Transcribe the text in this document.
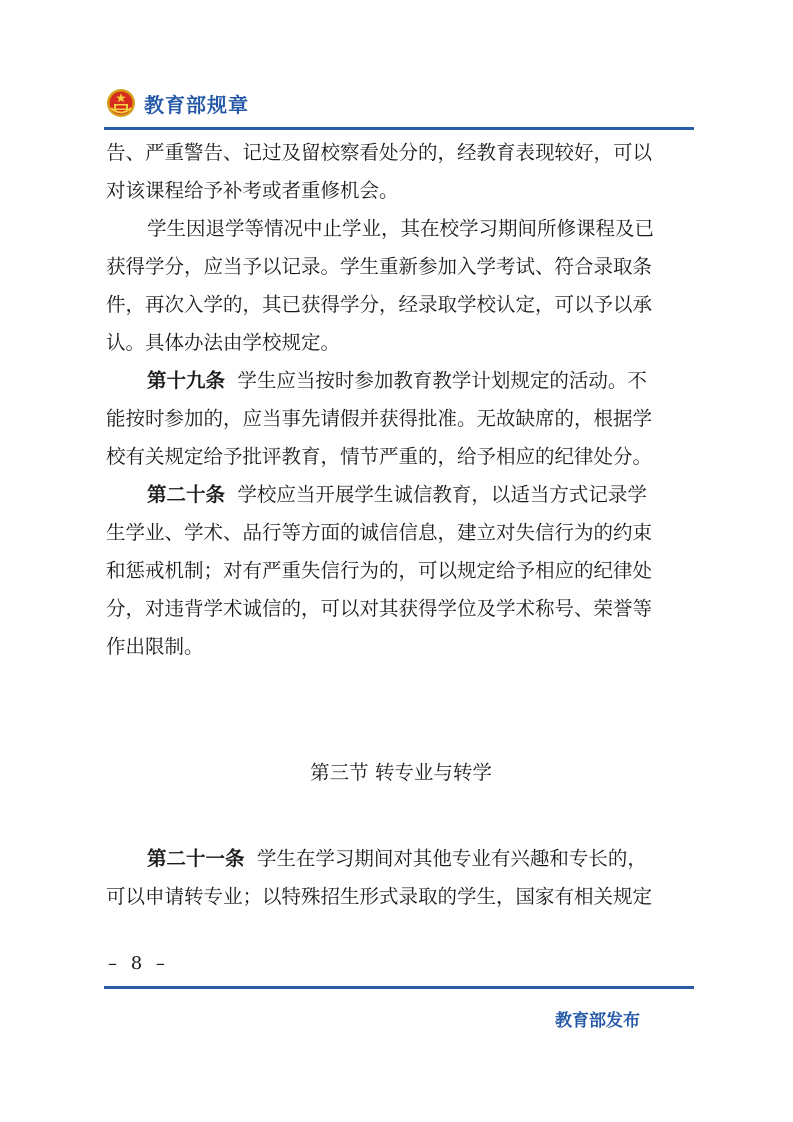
教育部规章

告、严重警告、记过及留校察看处分的，经教育表现较好，可以

对该课程给予补考或者重修机会。

学生因退学等情况中止学业，其在校学习期间所修课程及已

获得学分，应当予以记录。学生重新参加入学考试、符合录取条

件，再次入学的，其已获得学分，经录取学校认定，可以予以承

认。具体办法由学校规定。

第十九条 学生应当按时参加教育教学计划规定的活动。不

能按时参加的，应当事先请假并获得批准。无故缺席的，根据学

校有关规定给予批评教育，情节严重的，给予相应的纪律处分。

第二十条 学校应当开展学生诚信教育，以适当方式记录学

生学业、学术、品行等方面的诚信信息，建立对失信行为的约束

和惩戒机制；对有严重失信行为的，可以规定给予相应的纪律处

分，对违背学术诚信的，可以对其获得学位及学术称号、荣誉等

作出限制。

第三节 转专业与转学

第二十一条 学生在学习期间对其他专业有兴趣和专长的，

可以申请转专业；以特殊招生形式录取的学生，国家有相关规定

– 8 –
教育部发布
